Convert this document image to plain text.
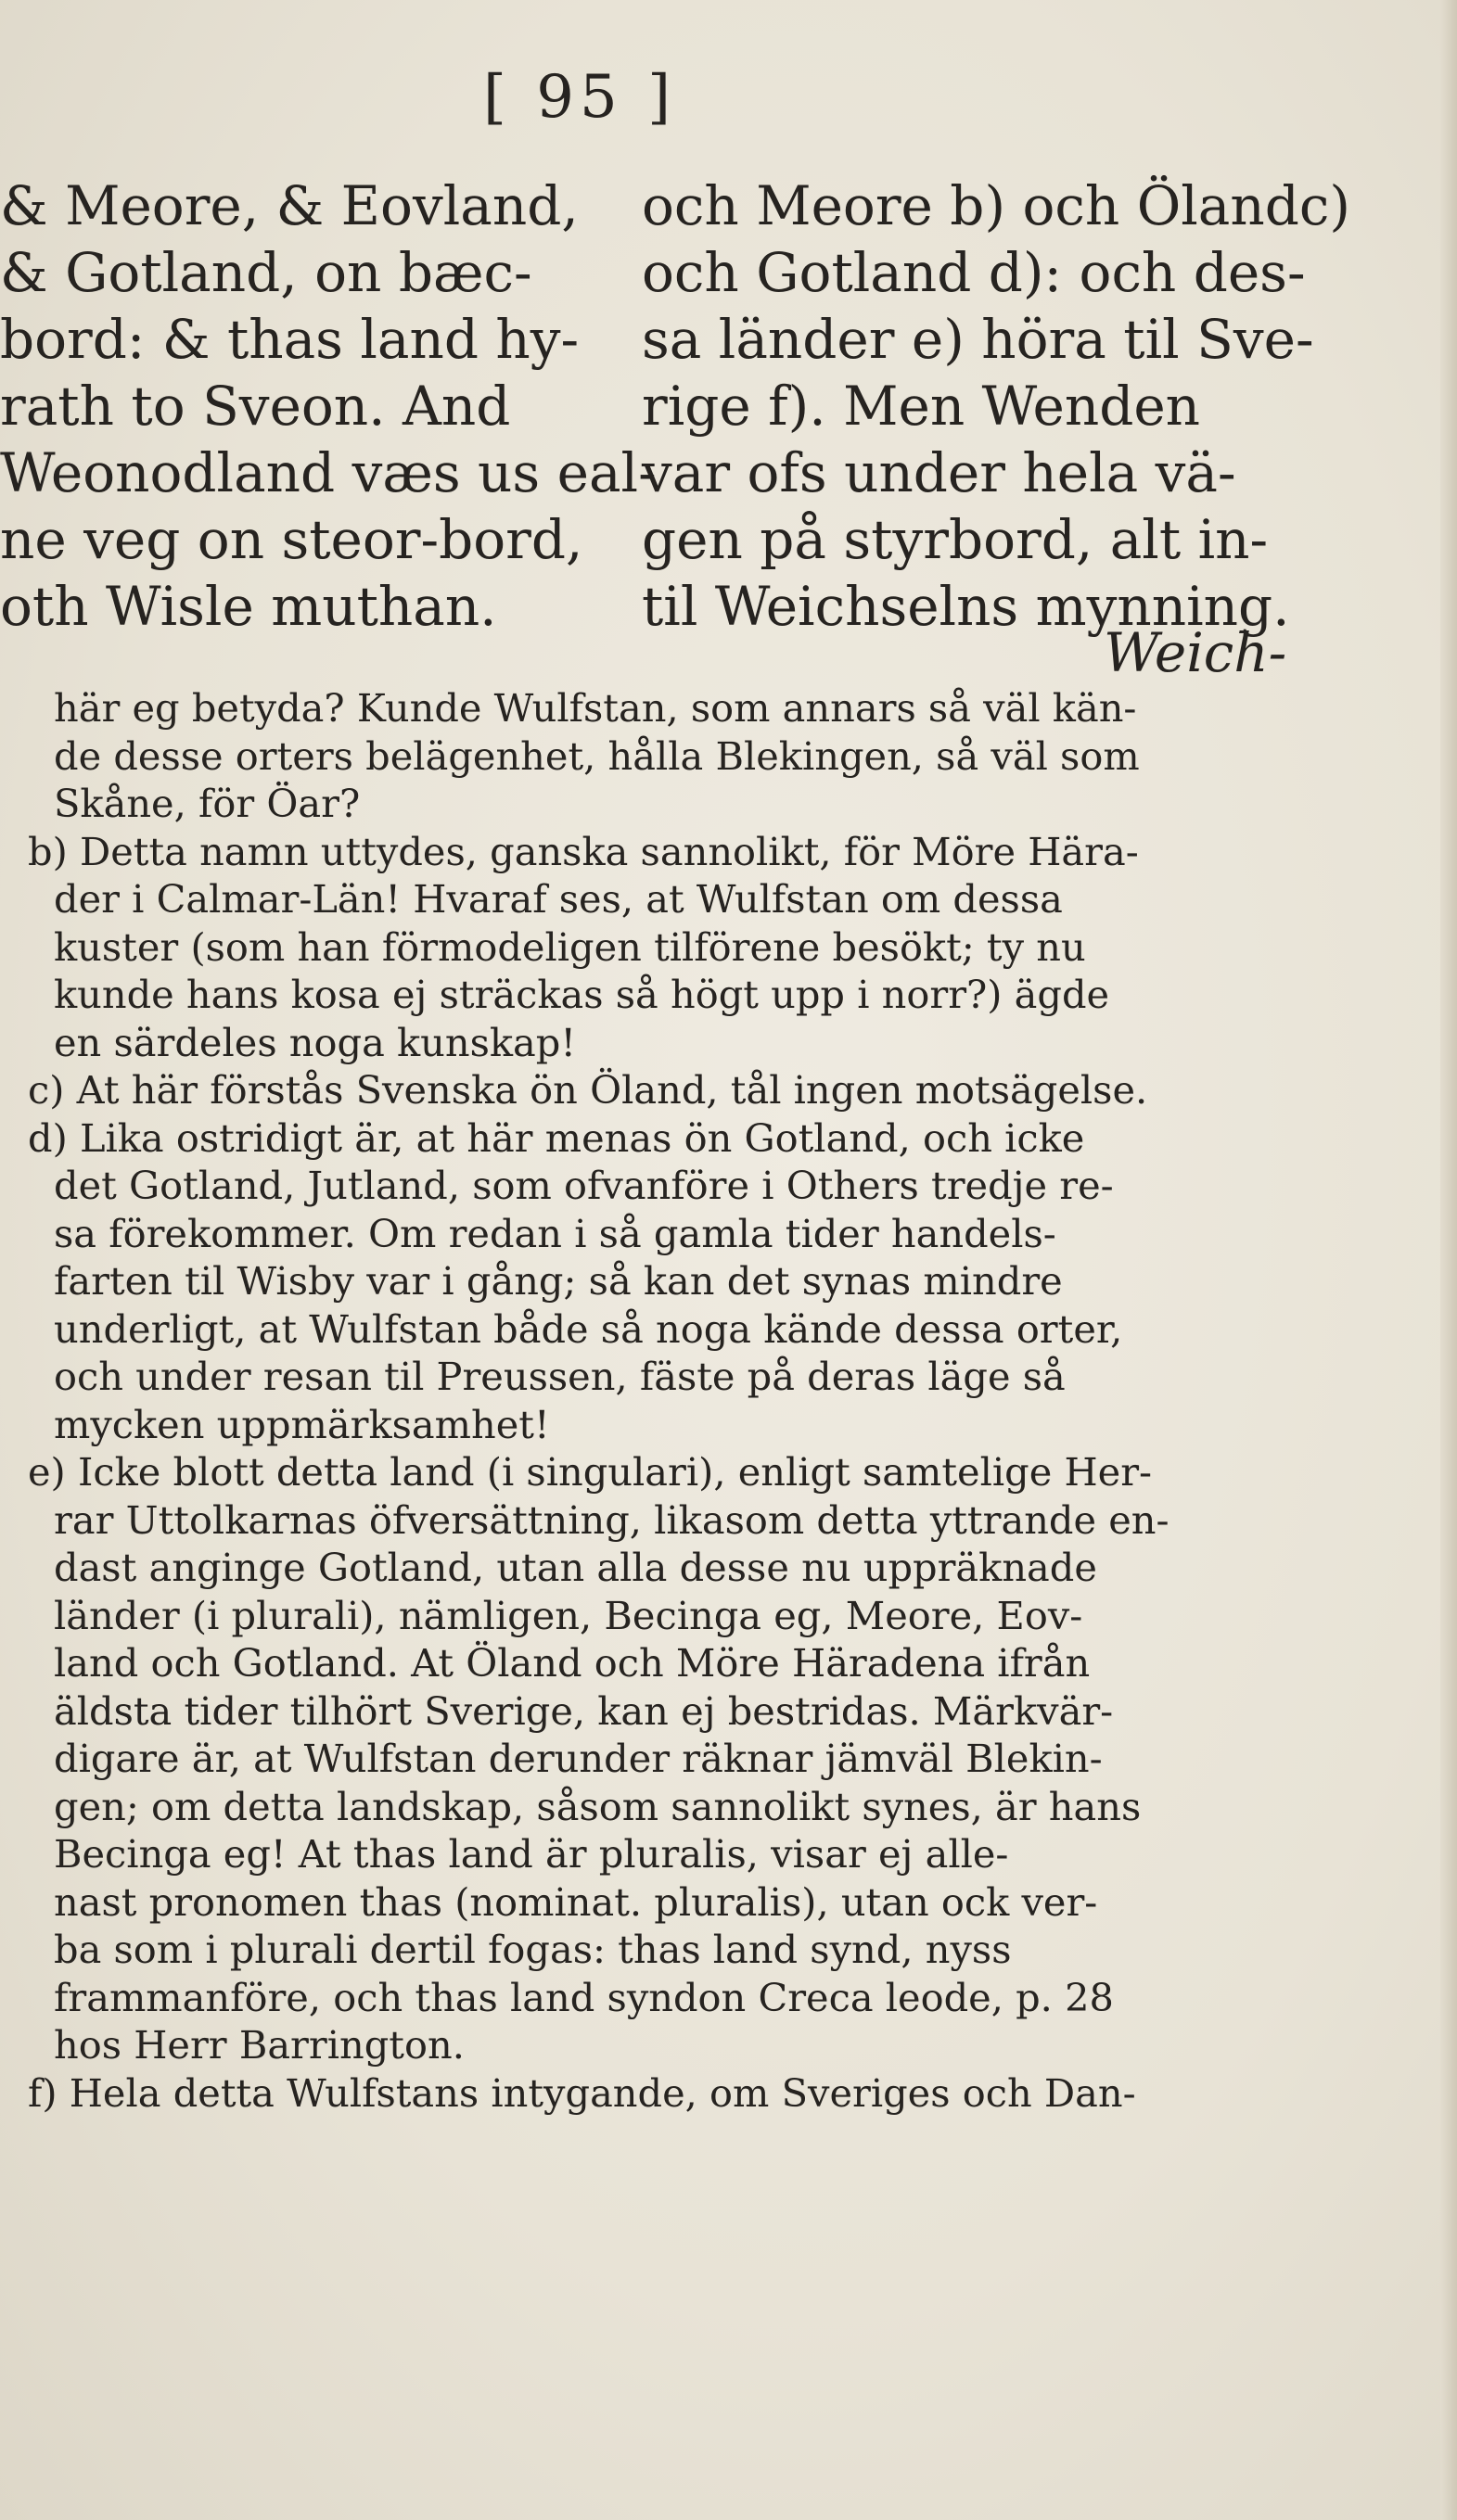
[ 95 ]
& Meore, & Eovland,
& Gotland, on bæc-
bord: & thas land hy-
rath to Sveon. And
Weonodland væs us eal-
ne veg on steor-bord,
oth Wisle muthan.
och Meore b) och Ölandc)
och Gotland d): och des-
sa länder e) höra til Sve-
rige f). Men Wenden
var ofs under hela vä-
gen på styrbord, alt in-
til Weichselns mynning.
Weich-
här eg betyda? Kunde Wulfstan, som annars så väl kän-
de desse orters belägenhet, hålla Blekingen, så väl som
Skåne, för Öar?
b) Detta namn uttydes, ganska sannolikt, för Möre Hära-
der i Calmar-Län! Hvaraf ses, at Wulfstan om dessa
kuster (som han förmodeligen tilförene besökt; ty nu
kunde hans kosa ej sträckas så högt upp i norr?) ägde
en särdeles noga kunskap!
c) At här förstås Svenska ön Öland, tål ingen motsägelse.
d) Lika ostridigt är, at här menas ön Gotland, och icke
det Gotland, Jutland, som ofvanföre i Others tredje re-
sa förekommer. Om redan i så gamla tider handels-
farten til Wisby var i gång; så kan det synas mindre
underligt, at Wulfstan både så noga kände dessa orter,
och under resan til Preussen, fäste på deras läge så
mycken uppmärksamhet!
e) Icke blott detta land (i singulari), enligt samtelige Her-
rar Uttolkarnas öfversättning, likasom detta yttrande en-
dast anginge Gotland, utan alla desse nu uppräknade
länder (i plurali), nämligen, Becinga eg, Meore, Eov-
land och Gotland. At Öland och Möre Häradena ifrån
äldsta tider tilhört Sverige, kan ej bestridas. Märkvär-
digare är, at Wulfstan derunder räknar jämväl Blekin-
gen; om detta landskap, såsom sannolikt synes, är hans
Becinga eg! At thas land är pluralis, visar ej alle-
nast pronomen thas (nominat. pluralis), utan ock ver-
ba som i plurali dertil fogas: thas land synd, nyss
frammanföre, och thas land syndon Creca leode, p. 28
hos Herr Barrington.
f) Hela detta Wulfstans intygande, om Sveriges och Dan-
